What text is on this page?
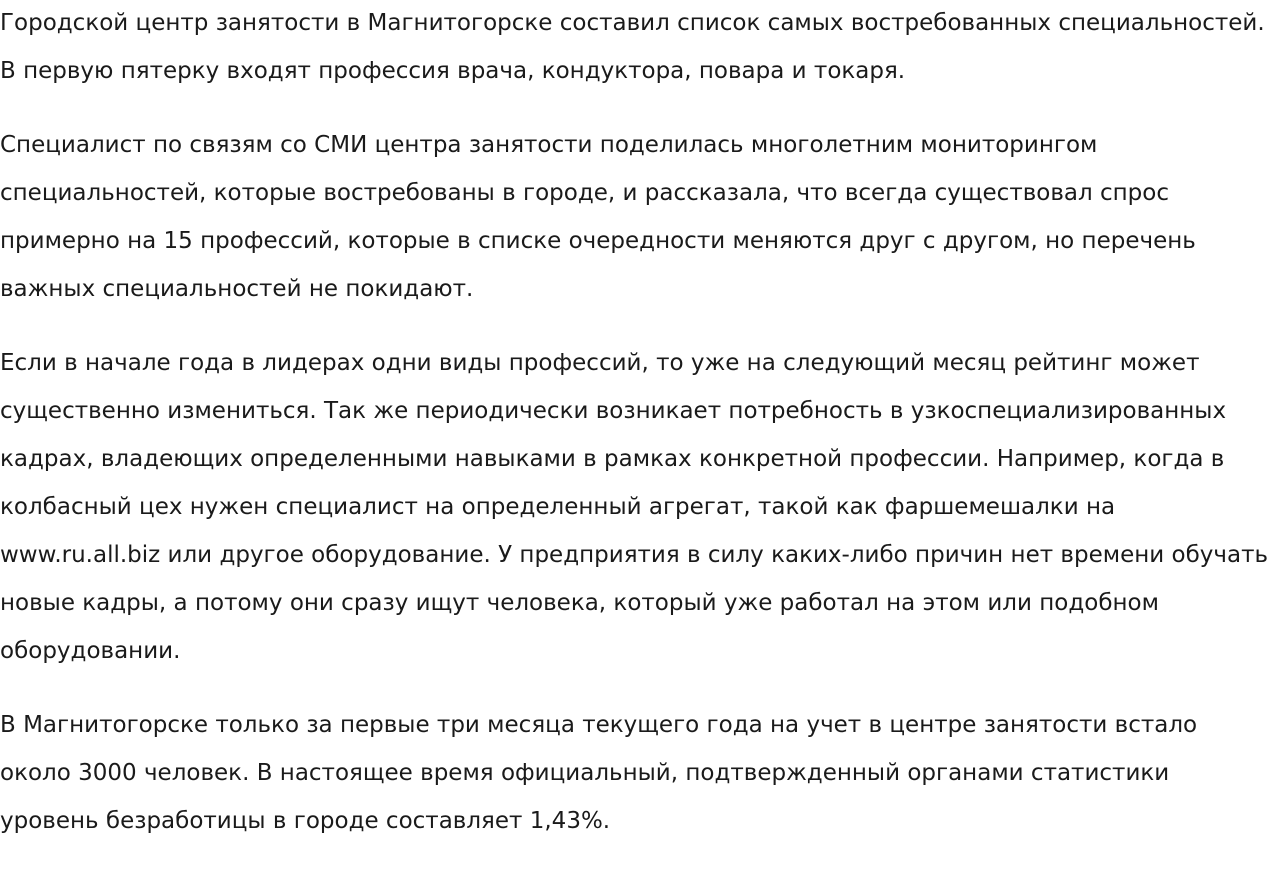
Городской центр занятости в Магнитогорске составил список самых востребованных специальностей. В первую пятерку входят профессия врача, кондуктора, повара и токаря.

Специалист по связям со СМИ центра занятости поделилась многолетним мониторингом специальностей, которые востребованы в городе, и рассказала, что всегда существовал спрос примерно на 15 профессий, которые в списке очередности меняются друг с другом, но перечень важных специальностей не покидают.

Если в начале года в лидерах одни виды профессий, то уже на следующий месяц рейтинг может существенно измениться. Так же периодически возникает потребность в узкоспециализированных кадрах, владеющих определенными навыками в рамках конкретной профессии. Например, когда в колбасный цех нужен специалист на определенный агрегат, такой как фаршемешалки на www.ru.all.biz или другое оборудование. У предприятия в силу каких-либо причин нет времени обучать новые кадры, а потому они сразу ищут человека, который уже работал на этом или подобном оборудовании.

В Магнитогорске только за первые три месяца текущего года на учет в центре занятости встало около 3000 человек. В настоящее время официальный, подтвержденный органами статистики уровень безработицы в городе составляет 1,43%.
